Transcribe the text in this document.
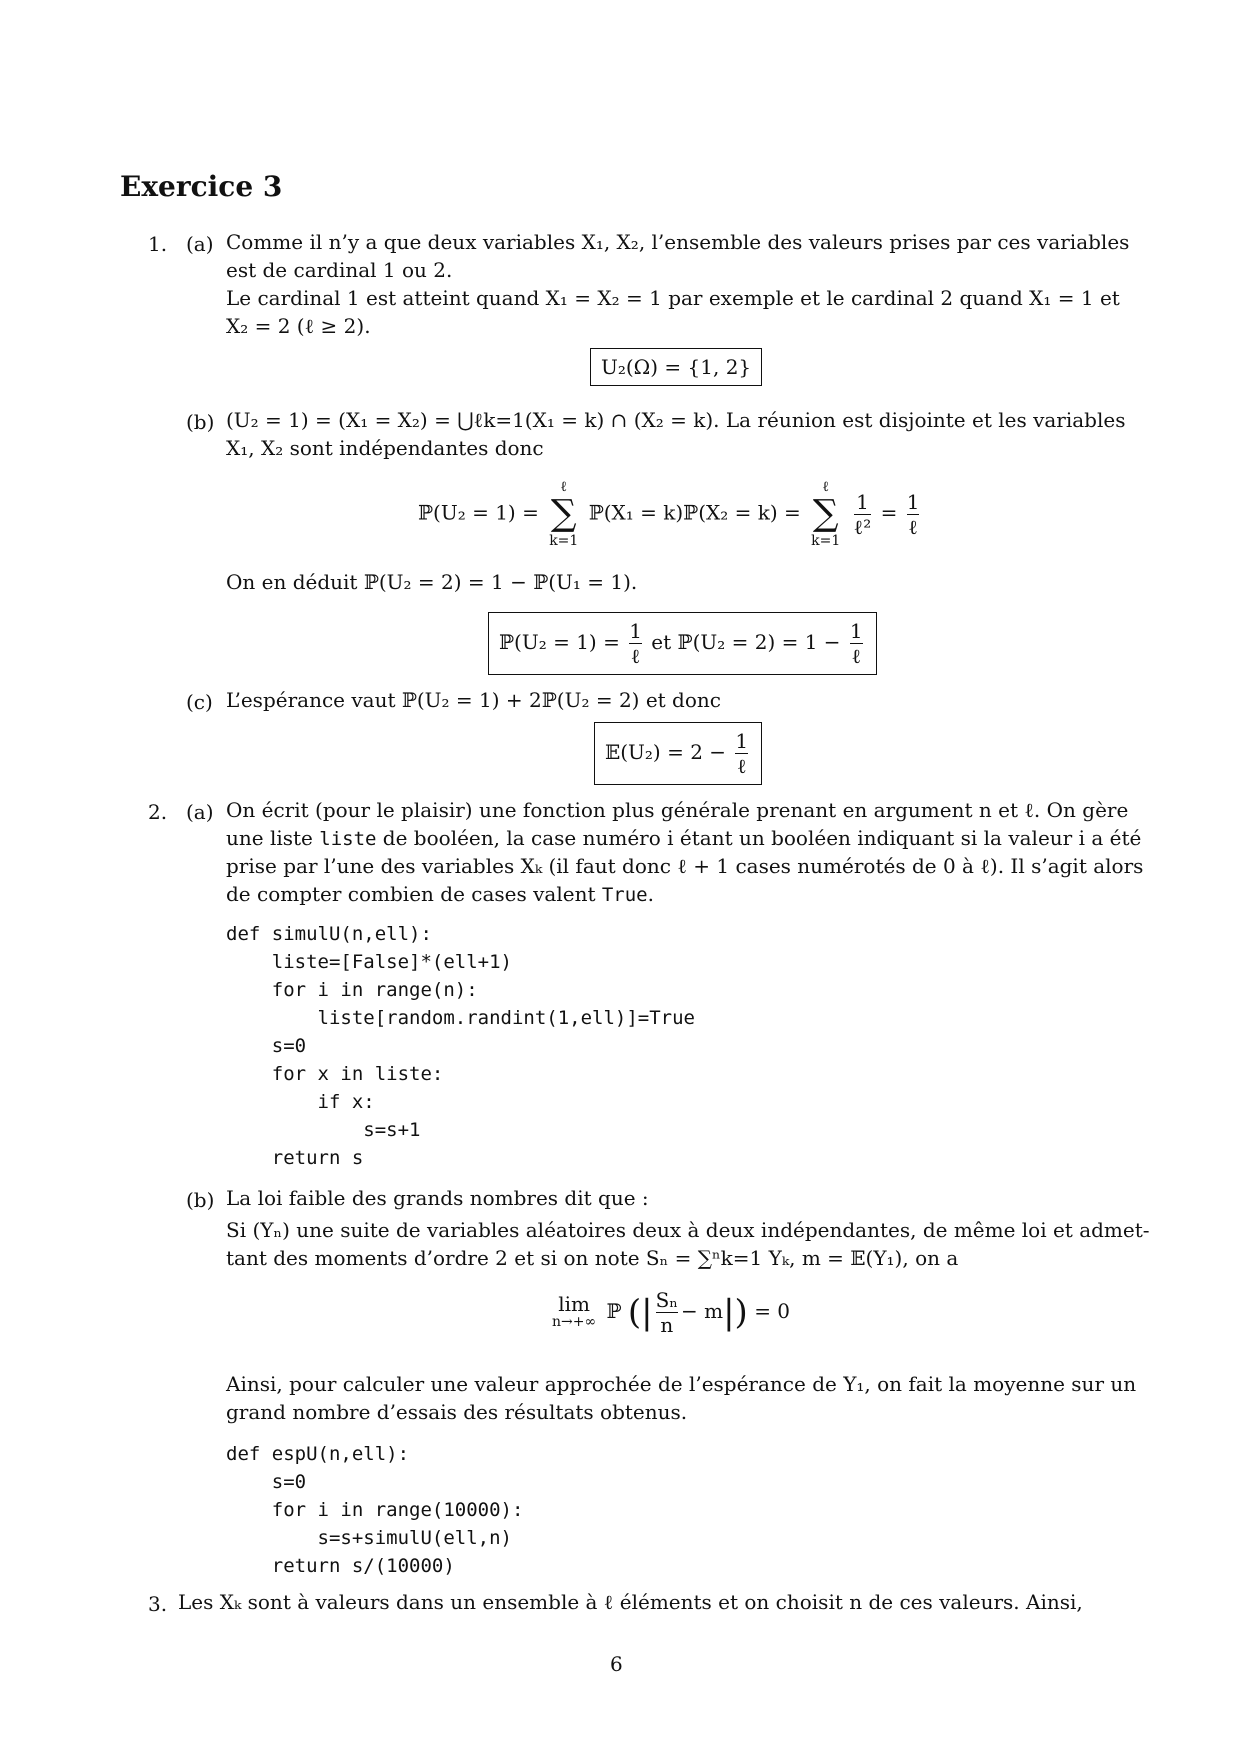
Exercice 3
1. (a) Comme il n’y a que deux variables X₁, X₂, l’ensemble des valeurs prises par ces variables
est de cardinal 1 ou 2.
Le cardinal 1 est atteint quand X₁ = X₂ = 1 par exemple et le cardinal 2 quand X₁ = 1 et
X₂ = 2 (ℓ ≥ 2).
U₂(Ω) = {1, 2}
(b) (U₂ = 1) = (X₁ = X₂) = ⋃ℓk=1(X₁ = k) ∩ (X₂ = k). La réunion est disjointe et les variables
X₁, X₂ sont indépendantes donc
ℙ(U₂ = 1) =
ℓ
∑
k=1
ℙ(X₁ = k)ℙ(X₂ = k) =
ℓ
∑
k=1

$\frac{1}{\text{ℓ²}} = \frac{1}{\text{ℓ}}$
On en déduit ℙ(U₂ = 2) = 1 − ℙ(U₁ = 1).
ℙ(U₂ = $1) = \frac{1}{\text{ℓ}}$ et ℙ(U₂ = $2) = 1 - \frac{1}{\text{ℓ}}$
(c) L’espérance vaut ℙ(U₂ = 1) + 2ℙ(U₂ = 2) et donc
𝔼(U₂) = $2 - \frac{1}{\text{ℓ}}$
2. (a) On écrit (pour le plaisir) une fonction plus générale prenant en argument n et ℓ. On gère
une liste liste de booléen, la case numéro i étant un booléen indiquant si la valeur i a été
prise par l’une des variables Xₖ (il faut donc ℓ + 1 cases numérotés de 0 à ℓ). Il s’agit alors
de compter combien de cases valent True.
def simulU(n,ell):
liste=[False]*(ell+1)
for i in range(n):
liste[random.randint(1,ell)]=True
s=0
for x in liste:
if x:
s=s+1
return s
(b) La loi faible des grands nombres dit que :
Si (Yₙ) une suite de variables aléatoires deux à deux indépendantes, de même loi et admet-
tant des moments d’ordre 2 et si on note Sₙ = ∑ⁿk=1 Yₖ, m = 𝔼(Y₁), on a
lim
n→+∞ ℙ (| $\frac{\text{Sₙ}}{n} - m|) = 0$
Ainsi, pour calculer une valeur approchée de l’espérance de Y₁, on fait la moyenne sur un
grand nombre d’essais des résultats obtenus.
def espU(n,ell):
s=0
for i in range(10000):
s=s+simulU(ell,n)
return s/(10000)
3. Les Xₖ sont à valeurs dans un ensemble à ℓ éléments et on choisit n de ces valeurs. Ainsi,
6
